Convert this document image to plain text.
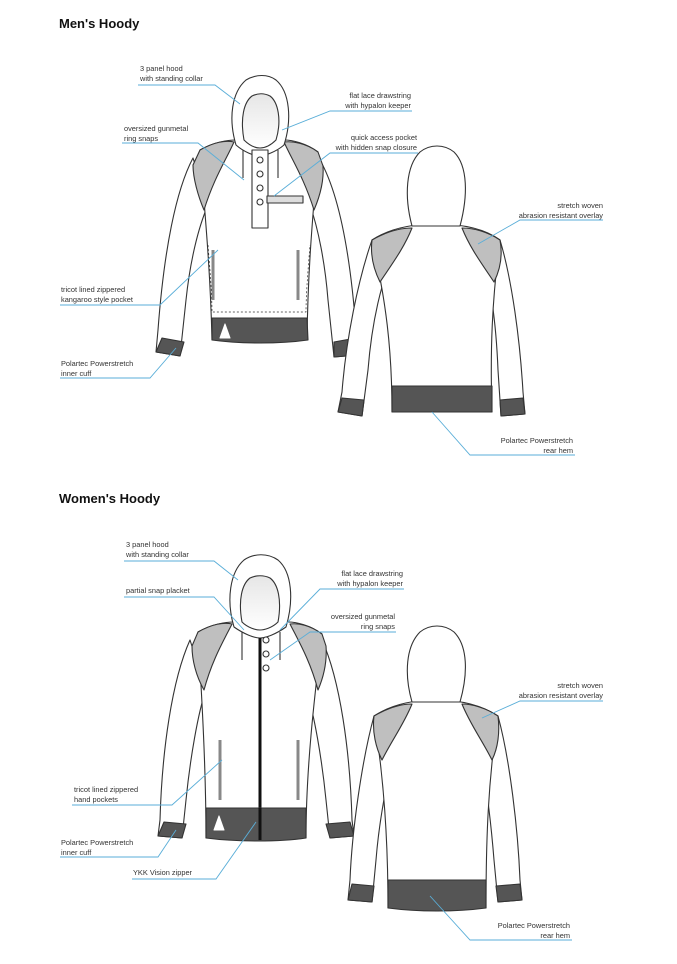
Men's Hoody
Women's Hoody
3 panel hood
with standing collar
flat lace drawstring
with hypalon keeper
oversized gunmetal
ring snaps	quick access pocket
with hidden snap closure
stretch woven
abrasion resistant overlay
tricot lined zippered
kangaroo style pocket
Polartec Powerstretch
inner cuff
Polartec Powerstretch
rear hem
3 panel hood
with standing collar
partial snap placket
flat lace drawstring
with hypalon keeper
oversized gunmetal
ring snaps
stretch woven
abrasion resistant overlay
tricot lined zippered
hand pockets
Polartec Powerstretch
inner cuff
YKK Vision zipper
Polartec Powerstretch
rear hem
